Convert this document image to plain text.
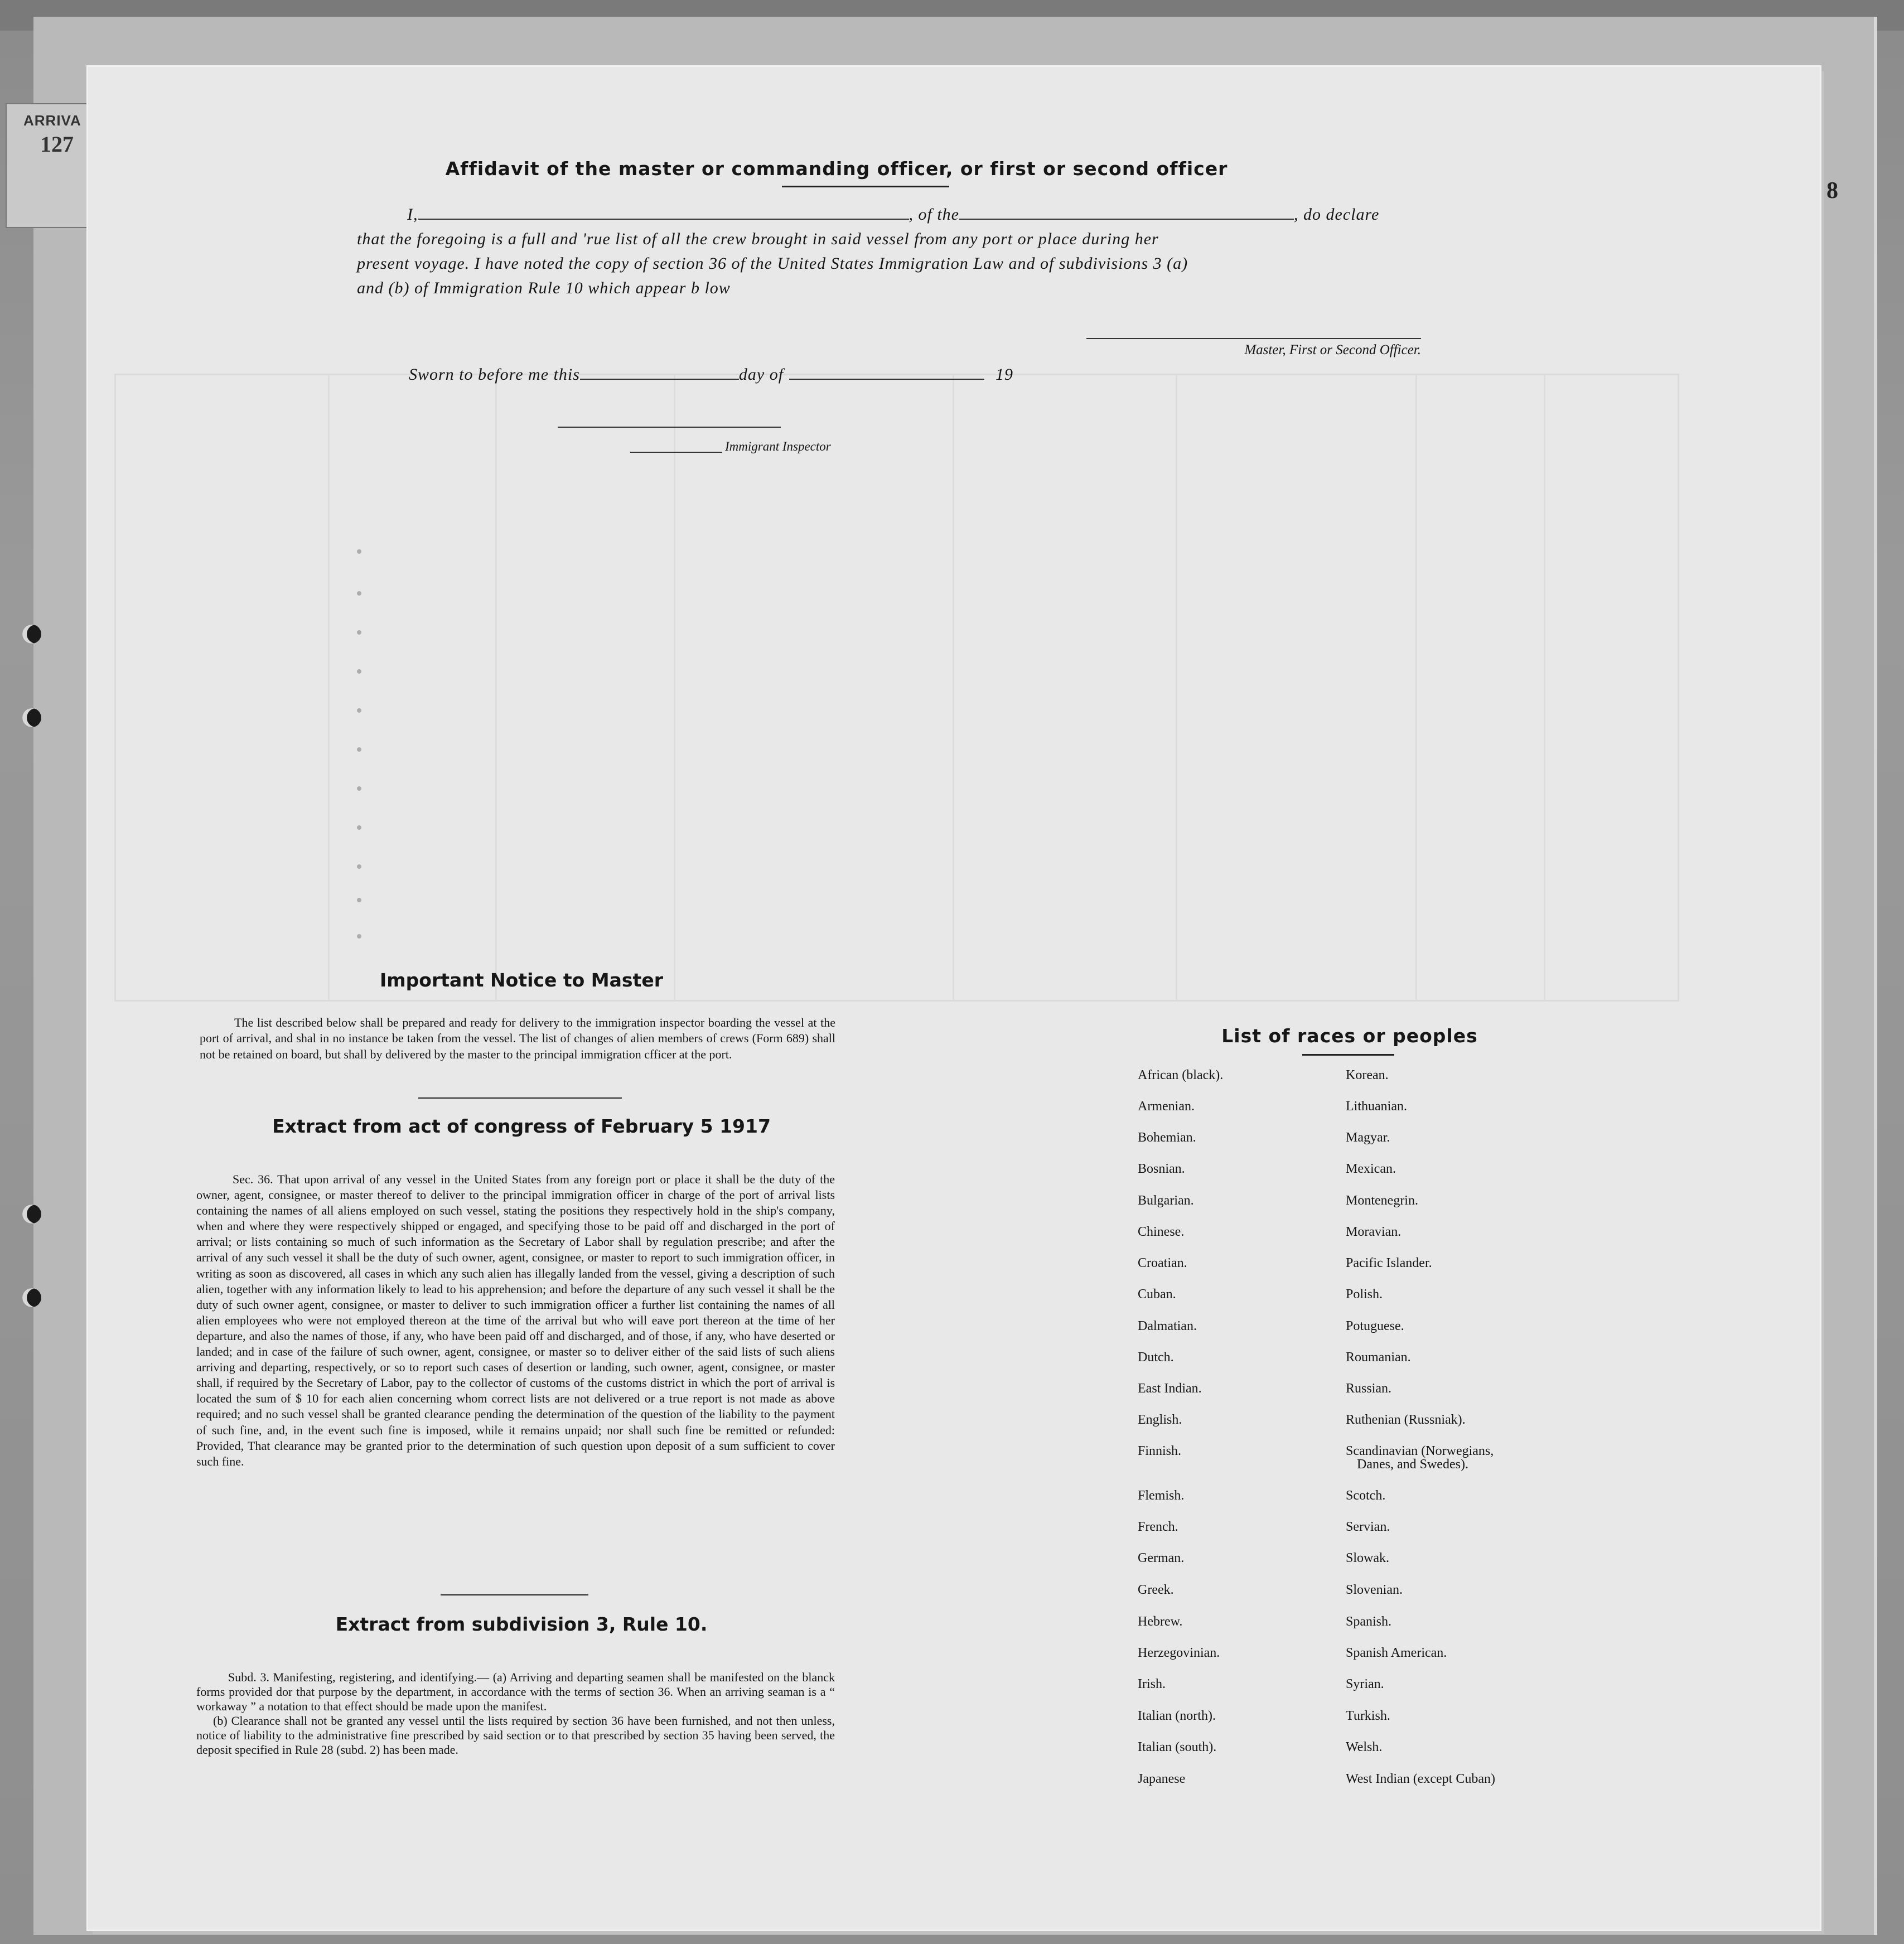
ARRIVA
127
8
Affidavit of the master or commanding officer, or first or second officer
I,	, of the	, do declare
that the foregoing is a full and 'rue list of all the crew brought in said vessel from any port or place during her
present voyage. I have noted the copy of section 36 of the United States Immigration Law and of subdivisions 3 (a)
and (b) of Immigration Rule 10 which appear b low
Master, First or Second Officer.
Sworn to before me this	day of	19
Immigrant Inspector
Important Notice to Master
The list described below shall be prepared and ready for delivery to the immigration inspector boarding the vessel at the port of arrival, and shal in no instance be taken from the vessel. The list of changes of alien members of crews (Form 689) shall not be retained on board, but shall by delivered by the master to the principal immigration cfficer at the port.
Extract from act of congress of February 5 1917
Sec. 36. That upon arrival of any vessel in the United States from any foreign port or place it shall be the duty of the owner, agent, consignee, or master thereof to deliver to the principal immigration officer in charge of the port of arrival lists containing the names of all aliens employed on such vessel, stating the positions they respectively hold in the ship's company, when and where they were respectively shipped or engaged, and specifying those to be paid off and discharged in the port of arrival; or lists containing so much of such information as the Secretary of Labor shall by regulation prescribe; and after the arrival of any such vessel it shall be the duty of such owner, agent, consignee, or master to report to such immigration officer, in writing as soon as discovered, all cases in which any such alien has illegally landed from the vessel, giving a description of such alien, together with any information likely to lead to his apprehension; and before the departure of any such vessel it shall be the duty of such owner agent, consignee, or master to deliver to such immigration officer a further list containing the names of all alien employees who were not employed thereon at the time of the arrival but who will eave port thereon at the time of her departure, and also the names of those, if any, who have been paid off and discharged, and of those, if any, who have deserted or landed; and in case of the failure of such owner, agent, consignee, or master so to deliver either of the said lists of such aliens arriving and departing, respectively, or so to report such cases of desertion or landing, such owner, agent, consignee, or master shall, if required by the Secretary of Labor, pay to the collector of customs of the customs district in which the port of arrival is located the sum of $ 10 for each alien concerning whom correct lists are not delivered or a true report is not made as above required; and no such vessel shall be granted clearance pending the determination of the question of the liability to the payment of such fine, and, in the event such fine is imposed, while it remains unpaid; nor shall such fine be remitted or refunded: Provided, That clearance may be granted prior to the determination of such question upon deposit of a sum sufficient to cover such fine.
Extract from subdivision 3, Rule 10.

Subd. 3. Manifesting, registering, and identifying.— (a) Arriving and departing seamen shall be manifested on the blanck forms provided dor that purpose by the department, in accordance with the terms of section 36. When an arriving seaman is a “ workaway ” a notation to that effect should be made upon the manifest.

(b) Clearance shall not be granted any vessel until the lists required by section 36 have been furnished, and not then unless, notice of liability to the administrative fine prescribed by said section or to that prescribed by section 35 having been served, the deposit specified in Rule 28 (subd. 2) has been made.

List of races or peoples
African (black).
Armenian.
Bohemian.
Bosnian.
Bulgarian.
Chinese.
Croatian.
Cuban.
Dalmatian.
Dutch.
East Indian.
English.
Finnish.
Flemish.
French.
German.
Greek.
Hebrew.
Herzegovinian.
Irish.
Italian (north).
Italian (south).
Japanese
Korean.
Lithuanian.
Magyar.
Mexican.
Montenegrin.
Moravian.
Pacific Islander.
Polish.
Potuguese.
Roumanian.
Russian.
Ruthenian (Russniak).
Scandinavian (Norwegians,
Danes, and Swedes).
Scotch.
Servian.
Slowak.
Slovenian.
Spanish.
Spanish American.
Syrian.
Turkish.
Welsh.
West Indian (except Cuban)
